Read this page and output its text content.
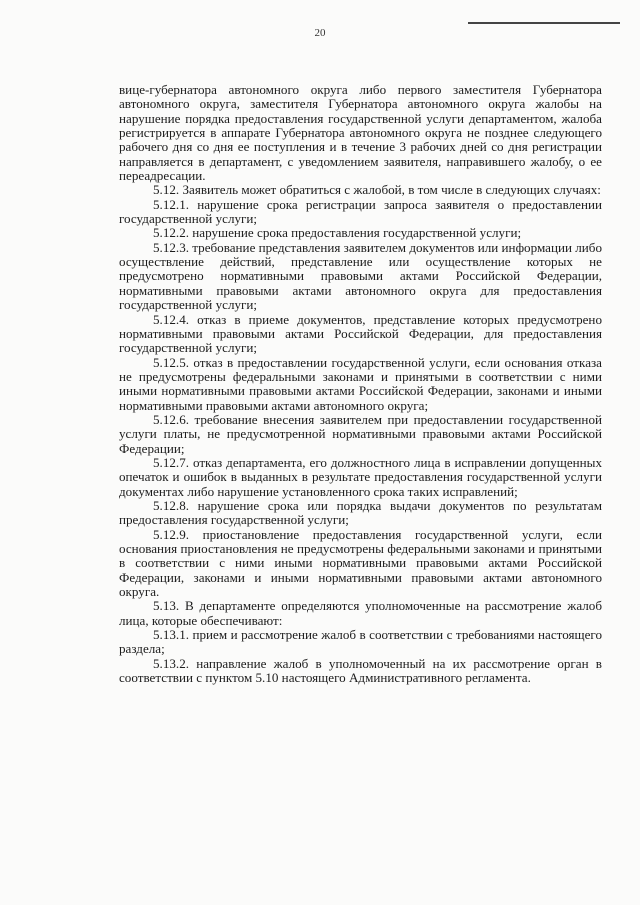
20

вице-губернатора автономного округа либо первого заместителя Губернатора автономного округа, заместителя Губернатора автономного округа жалобы на нарушение порядка предоставления государственной услуги департаментом, жалоба регистрируется в аппарате Губернатора автономного округа не позднее следующего рабочего дня со дня ее поступления и в течение 3 рабочих дней со дня регистрации направляется в департамент, с уведомлением заявителя, направившего жалобу, о ее переадресации.

5.12. Заявитель может обратиться с жалобой, в том числе в следующих случаях:

5.12.1. нарушение срока регистрации запроса заявителя о предоставлении государственной услуги;

5.12.2. нарушение срока предоставления государственной услуги;

5.12.3. требование представления заявителем документов или информации либо осуществление действий, представление или осуществление которых не предусмотрено нормативными правовыми актами Российской Федерации, нормативными правовыми актами автономного округа для предоставления государственной услуги;

5.12.4. отказ в приеме документов, представление которых предусмотрено нормативными правовыми актами Российской Федерации, для предоставления государственной услуги;

5.12.5. отказ в предоставлении государственной услуги, если основания отказа не предусмотрены федеральными законами и принятыми в соответствии с ними иными нормативными правовыми актами Российской Федерации, законами и иными нормативными правовыми актами автономного округа;

5.12.6. требование внесения заявителем при предоставлении государственной услуги платы, не предусмотренной нормативными правовыми актами Российской Федерации;

5.12.7. отказ департамента, его должностного лица в исправлении допущенных опечаток и ошибок в выданных в результате предоставления государственной услуги документах либо нарушение установленного срока таких исправлений;

5.12.8. нарушение срока или порядка выдачи документов по результатам предоставления государственной услуги;

5.12.9. приостановление предоставления государственной услуги, если основания приостановления не предусмотрены федеральными законами и принятыми в соответствии с ними иными нормативными правовыми актами Российской Федерации, законами и иными нормативными правовыми актами автономного округа.

5.13. В департаменте определяются уполномоченные на рассмотрение жалоб лица, которые обеспечивают:

5.13.1. прием и рассмотрение жалоб в соответствии с требованиями настоящего раздела;

5.13.2. направление жалоб в уполномоченный на их рассмотрение орган в соответствии с пунктом 5.10 настоящего Административного регламента.
